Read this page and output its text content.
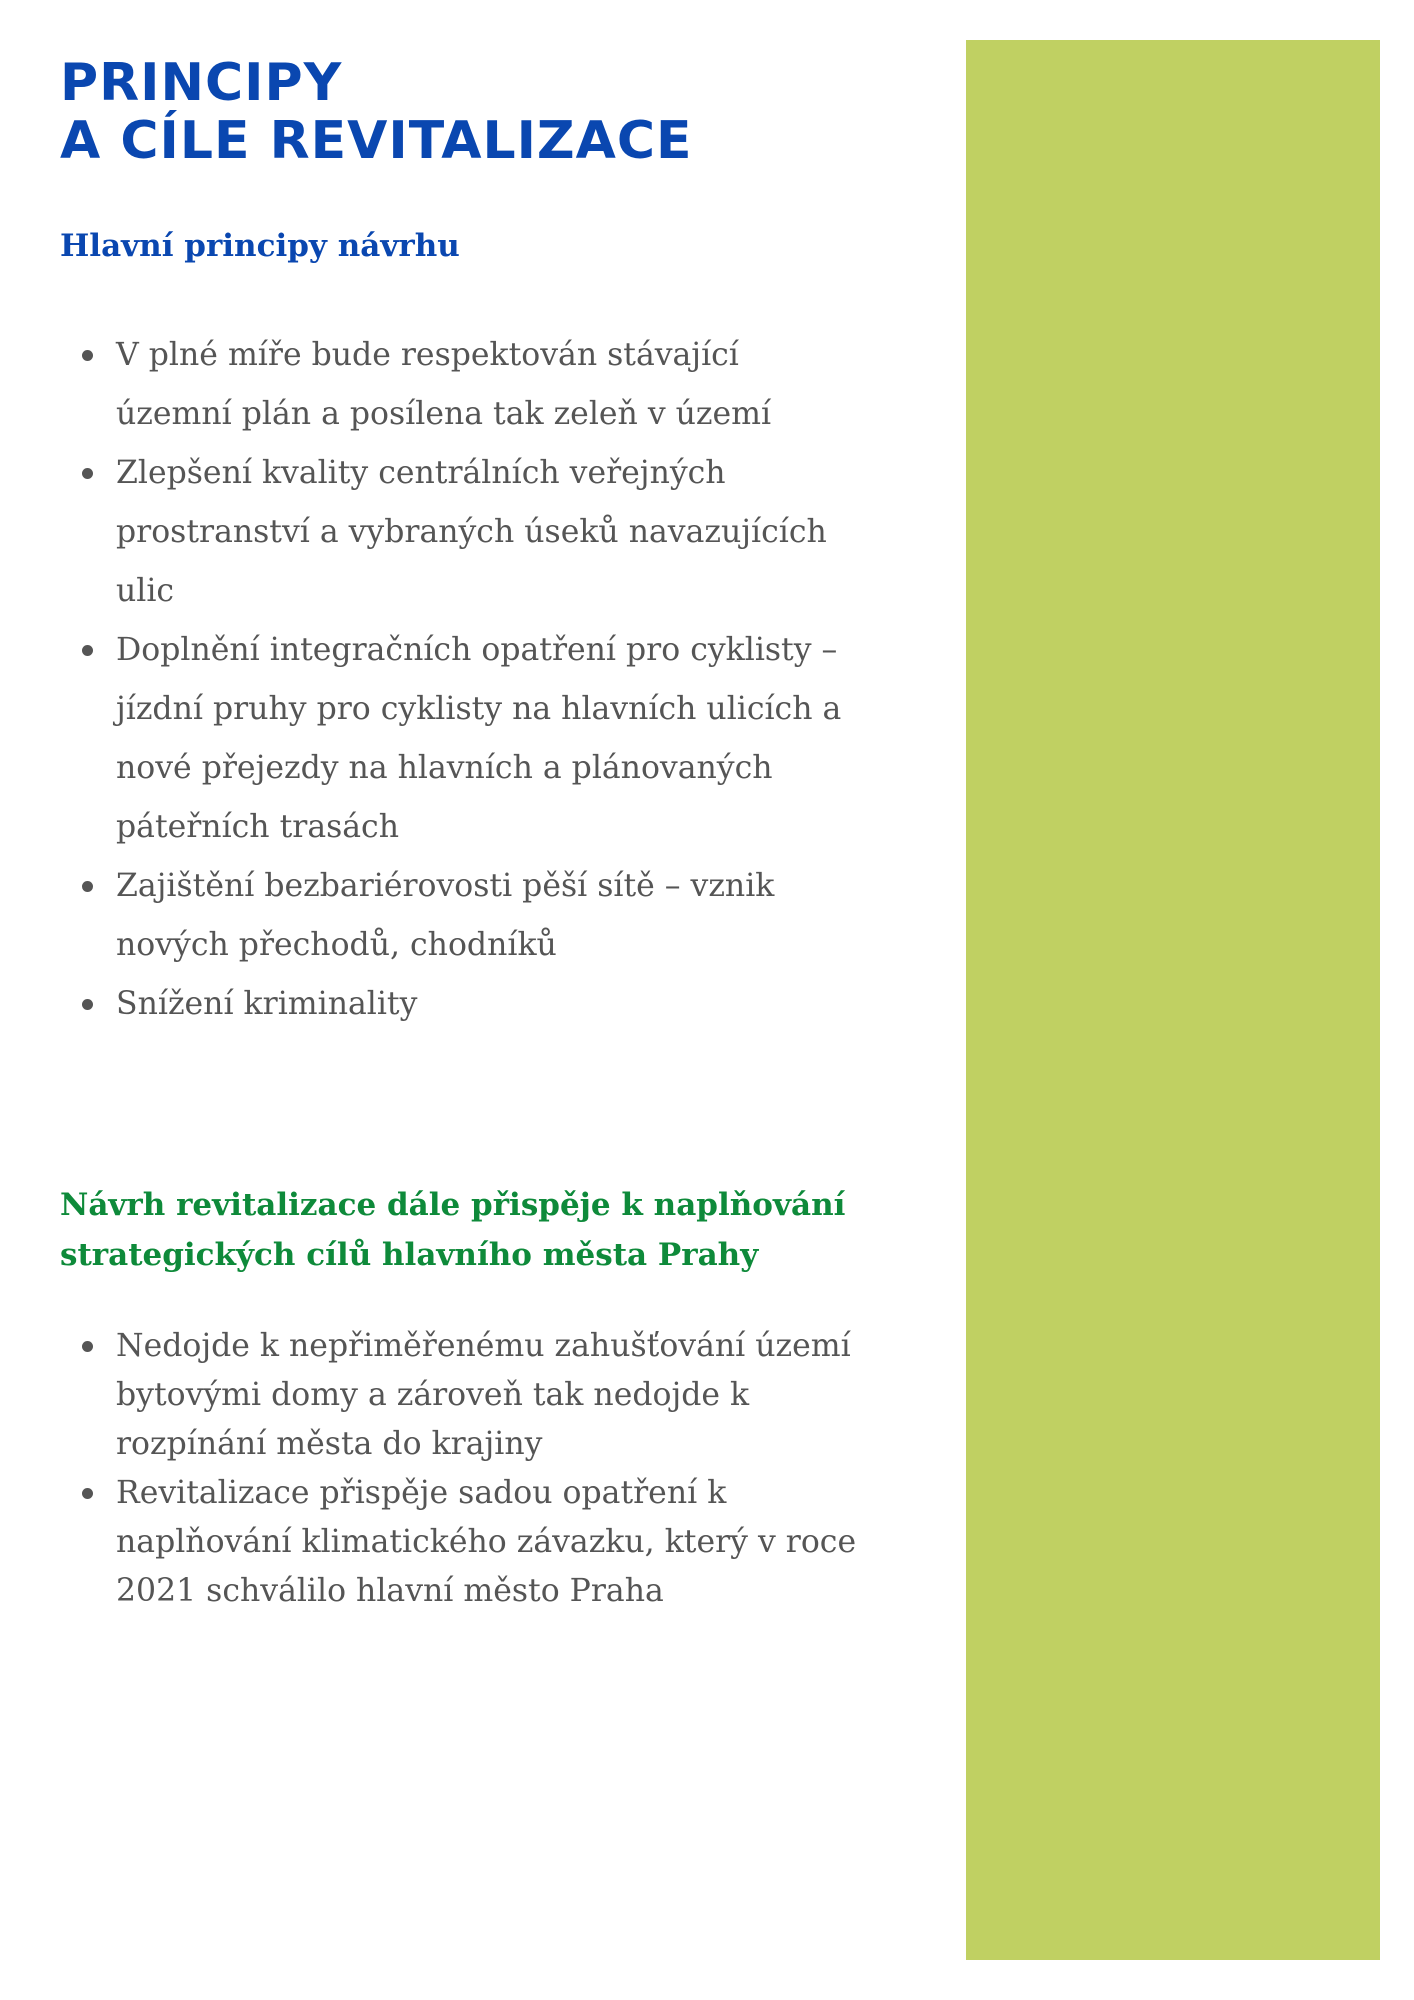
PRINCIPY
A CÍLE REVITALIZACE
Hlavní principy návrhu
V plné míře bude respektován stávající
územní plán a posílena tak zeleň v území
Zlepšení kvality centrálních veřejných
prostranství a vybraných úseků navazujících
ulic
Doplnění integračních opatření pro cyklisty –
jízdní pruhy pro cyklisty na hlavních ulicích a
nové přejezdy na hlavních a plánovaných
páteřních trasách
Zajištění bezbariérovosti pěší sítě – vznik
nových přechodů, chodníků
Snížení kriminality
Návrh revitalizace dále přispěje k naplňování
strategických cílů hlavního města Prahy
Nedojde k nepřiměřenému zahušťování území
bytovými domy a zároveň tak nedojde k
rozpínání města do krajiny
Revitalizace přispěje sadou opatření k
naplňování klimatického závazku, který v roce
2021 schválilo hlavní město Praha
